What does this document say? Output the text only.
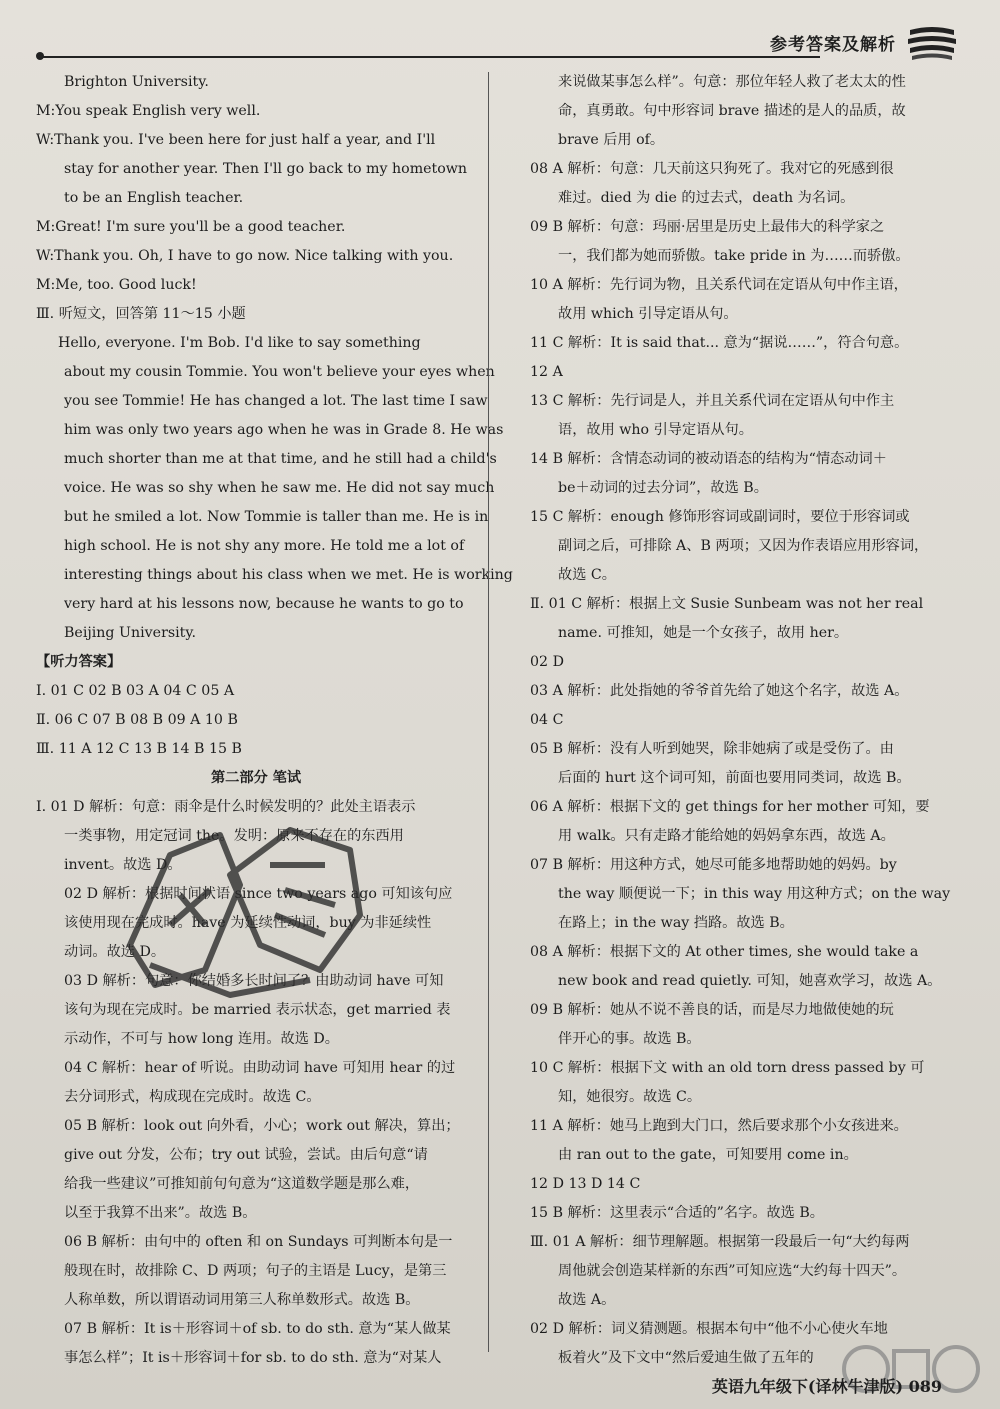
参考答案及解析
Brighton University.
M:You speak English very well.
W:Thank you. I've been here for just half a year, and I'll
stay for another year. Then I'll go back to my hometown
to be an English teacher.
M:Great! I'm sure you'll be a good teacher.
W:Thank you. Oh, I have to go now. Nice talking with you.
M:Me, too. Good luck!
Ⅲ. 听短文，回答第 11～15 小题
Hello, everyone. I'm Bob. I'd like to say something
about my cousin Tommie. You won't believe your eyes when
you see Tommie! He has changed a lot. The last time I saw
him was only two years ago when he was in Grade 8. He was
much shorter than me at that time, and he still had a child's
voice. He was so shy when he saw me. He did not say much
but he smiled a lot. Now Tommie is taller than me. He is in
high school. He is not shy any more. He told me a lot of
interesting things about his class when we met. He is working
very hard at his lessons now, because he wants to go to
Beijing University.
【听力答案】
Ⅰ. 01 C 02 B 03 A 04 C 05 A
Ⅱ. 06 C 07 B 08 B 09 A 10 B
Ⅲ. 11 A 12 C 13 B 14 B 15 B
第二部分 笔试
Ⅰ. 01 D 解析：句意：雨伞是什么时候发明的？此处主语表示
一类事物，用定冠词 the。发明：原来不存在的东西用
invent。故选 D。
02 D 解析：根据时间状语 since two years ago 可知该句应
该使用现在完成时。have 为延续性动词，buy 为非延续性
动词。故选 D。
03 D 解析：句意：你结婚多长时间了？由助动词 have 可知
该句为现在完成时。be married 表示状态，get married 表
示动作，不可与 how long 连用。故选 D。
04 C 解析：hear of 听说。由助动词 have 可知用 hear 的过
去分词形式，构成现在完成时。故选 C。
05 B 解析：look out 向外看，小心；work out 解决，算出；
give out 分发，公布；try out 试验，尝试。由后句意“请
给我一些建议”可推知前句句意为“这道数学题是那么难，
以至于我算不出来”。故选 B。
06 B 解析：由句中的 often 和 on Sundays 可判断本句是一
般现在时，故排除 C、D 两项；句子的主语是 Lucy，是第三
人称单数，所以谓语动词用第三人称单数形式。故选 B。
07 B 解析：It is＋形容词＋of sb. to do sth. 意为“某人做某
事怎么样”；It is＋形容词＋for sb. to do sth. 意为“对某人
来说做某事怎么样”。句意：那位年轻人救了老太太的性
命，真勇敢。句中形容词 brave 描述的是人的品质，故
brave 后用 of。
08 A 解析：句意：几天前这只狗死了。我对它的死感到很
难过。died 为 die 的过去式，death 为名词。
09 B 解析：句意：玛丽·居里是历史上最伟大的科学家之
一，我们都为她而骄傲。take pride in 为……而骄傲。
10 A 解析：先行词为物，且关系代词在定语从句中作主语，
故用 which 引导定语从句。
11 C 解析：It is said that... 意为“据说……”，符合句意。
12 A
13 C 解析：先行词是人，并且关系代词在定语从句中作主
语，故用 who 引导定语从句。
14 B 解析：含情态动词的被动语态的结构为“情态动词＋
be＋动词的过去分词”，故选 B。
15 C 解析：enough 修饰形容词或副词时，要位于形容词或
副词之后，可排除 A、B 两项；又因为作表语应用形容词，
故选 C。
Ⅱ. 01 C 解析：根据上文 Susie Sunbeam was not her real
name. 可推知，她是一个女孩子，故用 her。
02 D
03 A 解析：此处指她的爷爷首先给了她这个名字，故选 A。
04 C
05 B 解析：没有人听到她哭，除非她病了或是受伤了。由
后面的 hurt 这个词可知，前面也要用同类词，故选 B。
06 A 解析：根据下文的 get things for her mother 可知，要
用 walk。只有走路才能给她的妈妈拿东西，故选 A。
07 B 解析：用这种方式，她尽可能多地帮助她的妈妈。by
the way 顺便说一下；in this way 用这种方式；on the way
在路上；in the way 挡路。故选 B。
08 A 解析：根据下文的 At other times, she would take a
new book and read quietly. 可知，她喜欢学习，故选 A。
09 B 解析：她从不说不善良的话，而是尽力地做使她的玩
伴开心的事。故选 B。
10 C 解析：根据下文 with an old torn dress passed by 可
知，她很穷。故选 C。
11 A 解析：她马上跑到大门口，然后要求那个小女孩进来。
由 ran out to the gate，可知要用 come in。
12 D 13 D 14 C
15 B 解析：这里表示“合适的”名字。故选 B。
Ⅲ. 01 A 解析：细节理解题。根据第一段最后一句“大约每两
周他就会创造某样新的东西”可知应选“大约每十四天”。
故选 A。
02 D 解析：词义猜测题。根据本句中“他不小心使火车地
板着火”及下文中“然后爱迪生做了五年的
英语九年级下(译林牛津版) 089
